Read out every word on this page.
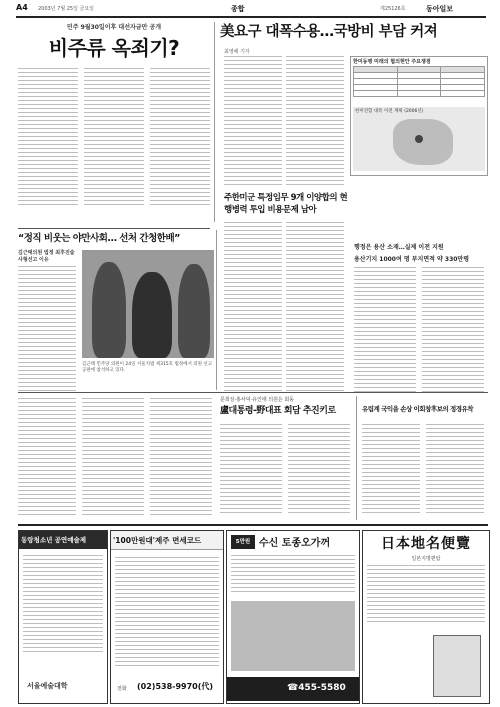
A4 2003년 7월 25일 금요일	종합	제25126호	동아일보
민주 9월30일이후 대선자금만 공개
비주류 옥죄기?
美요구 대폭수용…국방비 부담 커져
최영해 기자
한미동맹 미래의 협의현안 주요쟁점

한미연합 대폭 이전 계획 (2006년)
주한미군 특정임무 9개 이양합의 현행병력 투입 비용문제 남아
행정은 용산 소재…실제 이전 지원
용산기지 1000여 명 부지면적 약 330만평
“정직 비웃는 야만사회… 선처 간청한배”
김근태의원 법정 최후진술 사형선고 이유
김근태 민주당 의원이 24일 서울지법 제315호 법정에서 의원 선고 공판에 참석하고 있다.
문희상·홍사덕·유인태 의원은 회동
盧대통령-野대표 회담 추진키로	유림계 국익을 손상 이회창후보의 정경유착
동랑청소년 공연예술제
서울예술대학
'100만원대'제주 면세코드
전화 (02)538-9970(代)
5만원 수신 토종오가꺼
☎455-5580
日本地名便覽
일본지명편람
